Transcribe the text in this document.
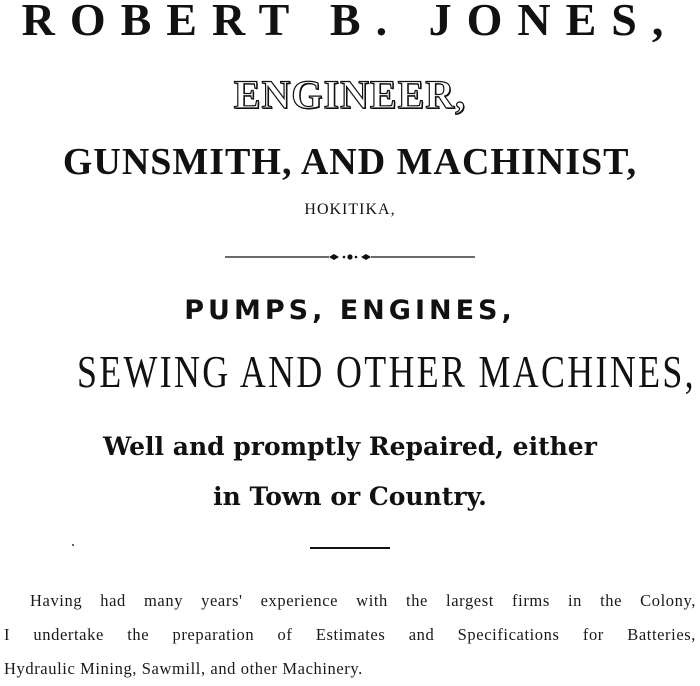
ROBERT B. JONES,
ENGINEER,
GUNSMITH, AND MACHINIST,
HOKITIKA,
PUMPS, ENGINES,
SEWING AND OTHER MACHINES,
Well and promptly Repaired, either
in Town or Country.
Having had many years' experience with the largest firms in the Colony,
I undertake the preparation of Estimates and Specifications for Batteries,
Hydraulic Mining, Sawmill, and other Machinery.
